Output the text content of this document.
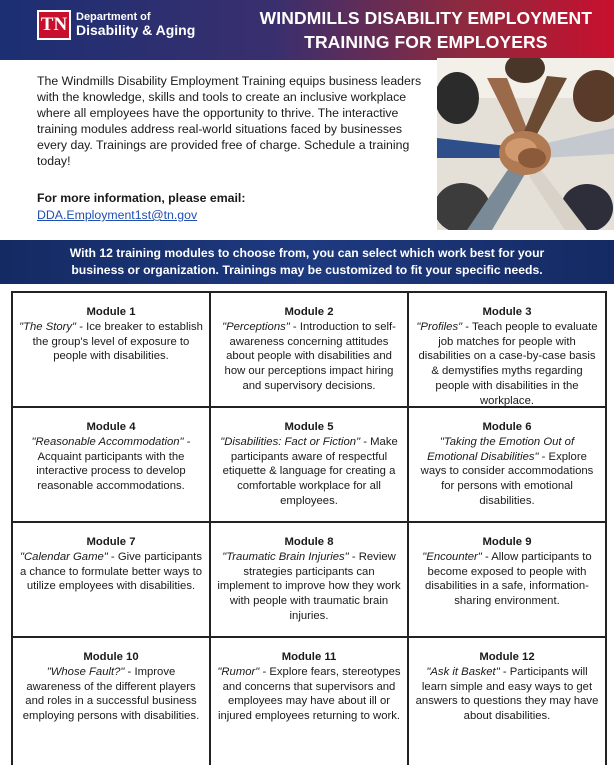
TN Department of
Disability & Aging
WINDMILLS DISABILITY EMPLOYMENT
TRAINING FOR EMPLOYERS

The Windmills Disability Employment Training equips business leaders with the knowledge, skills and tools to create an inclusive workplace where all employees have the opportunity to thrive. The interactive training modules address real-world situations faced by businesses every day. Trainings are provided free of charge. Schedule a training today!

For more information, please email:
DDA.Employment1st@tn.gov
With 12 training modules to choose from, you can select which work best for your
business or organization. Trainings may be customized to fit your specific needs.
Module 1
"The Story" - Ice breaker to establish the group's level of exposure to people with disabilities.
Module 2
"Perceptions" - Introduction to self-awareness concerning attitudes about people with disabilities and how our perceptions impact hiring and supervisory decisions.
Module 3
"Profiles" - Teach people to evaluate job matches for people with disabilities on a case-by-case basis & demystifies myths regarding people with disabilities in the workplace.
Module 4
"Reasonable Accommodation" - Acquaint participants with the interactive process to develop reasonable accommodations.
Module 5
"Disabilities: Fact or Fiction" - Make participants aware of respectful etiquette & language for creating a comfortable workplace for all employees.
Module 6
"Taking the Emotion Out of Emotional Disabilities" - Explore ways to consider accommodations for persons with emotional disabilities.
Module 7
"Calendar Game" - Give participants a chance to formulate better ways to utilize employees with disabilities.
Module 8
"Traumatic Brain Injuries" - Review strategies participants can implement to improve how they work with people with traumatic brain injuries.
Module 9
"Encounter" - Allow participants to become exposed to people with disabilities in a safe, information-sharing environment.
Module 10
"Whose Fault?" - Improve awareness of the different players and roles in a successful business employing persons with disabilities.
Module 11
"Rumor" - Explore fears, stereotypes and concerns that supervisors and employees may have about ill or injured employees returning to work.
Module 12
"Ask it Basket" - Participants will learn simple and easy ways to get answers to questions they may have about disabilities.
